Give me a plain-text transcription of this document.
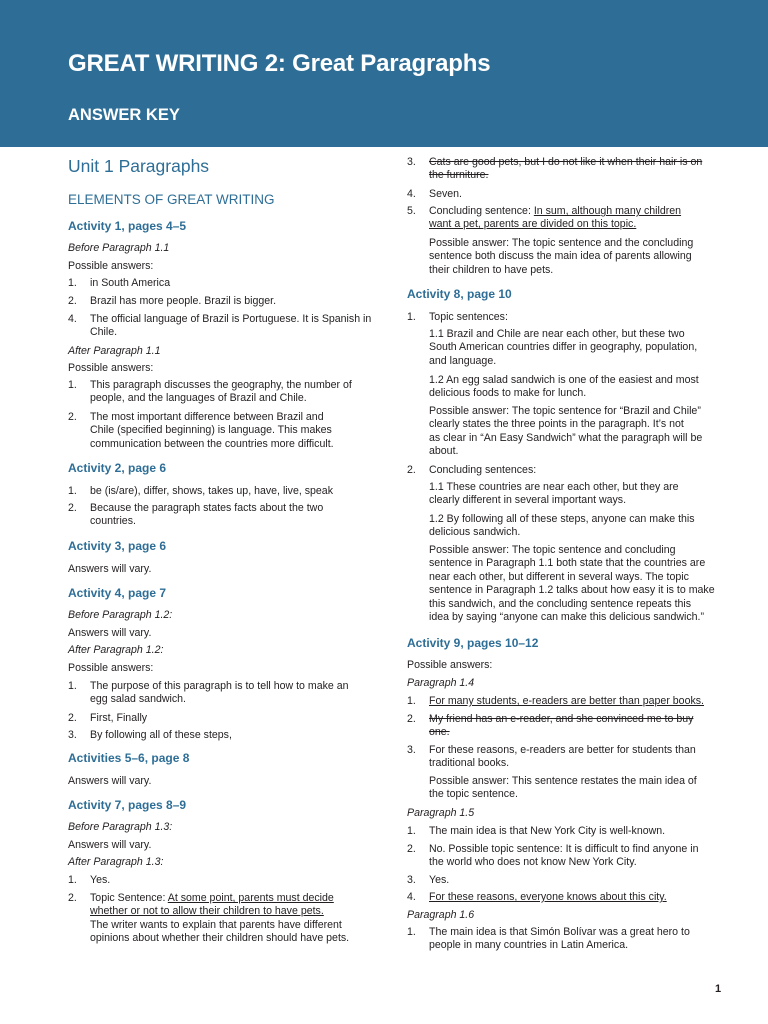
GREAT WRITING 2: Great Paragraphs
ANSWER KEY
Unit 1 Paragraphs
ELEMENTS OF GREAT WRITING
Activity 1, pages 4–5
Before Paragraph 1.1
Possible answers:
1. in South America
2. Brazil has more people. Brazil is bigger.
4. The official language of Brazil is Portuguese. It is Spanish in
Chile.
After Paragraph 1.1
Possible answers:
1. This paragraph discusses the geography, the number of
people, and the languages of Brazil and Chile.
2. The most important difference between Brazil and
Chile (specified beginning) is language. This makes
communication between the countries more difficult.
Activity 2, page 6
1. be (is/are), differ, shows, takes up, have, live, speak
2. Because the paragraph states facts about the two
countries.
Activity 3, page 6
Answers will vary.
Activity 4, page 7
Before Paragraph 1.2:
Answers will vary.
After Paragraph 1.2:
Possible answers:
1. The purpose of this paragraph is to tell how to make an
egg salad sandwich.
2. First, Finally
3. By following all of these steps,
Activities 5–6, page 8
Answers will vary.
Activity 7, pages 8–9
Before Paragraph 1.3:
Answers will vary.
After Paragraph 1.3:
1. Yes.
2. Topic Sentence: At some point, parents must decide
whether or not to allow their children to have pets.
The writer wants to explain that parents have different
opinions about whether their children should have pets.
3. Cats are good pets, but I do not like it when their hair is on
the furniture.
4. Seven.
5. Concluding sentence: In sum, although many children
want a pet, parents are divided on this topic.
Possible answer: The topic sentence and the concluding
sentence both discuss the main idea of parents allowing
their children to have pets.
Activity 8, page 10
1. Topic sentences:
1.1 Brazil and Chile are near each other, but these two
South American countries differ in geography, population,
and language.
1.2 An egg salad sandwich is one of the easiest and most
delicious foods to make for lunch.
Possible answer: The topic sentence for “Brazil and Chile”
clearly states the three points in the paragraph. It’s not
as clear in “An Easy Sandwich” what the paragraph will be
about.
2. Concluding sentences:
1.1 These countries are near each other, but they are
clearly different in several important ways.
1.2 By following all of these steps, anyone can make this
delicious sandwich.
Possible answer: The topic sentence and concluding
sentence in Paragraph 1.1 both state that the countries are
near each other, but different in several ways. The topic
sentence in Paragraph 1.2 talks about how easy it is to make
this sandwich, and the concluding sentence repeats this
idea by saying “anyone can make this delicious sandwich.”
Activity 9, pages 10–12
Possible answers:
Paragraph 1.4
1. For many students, e-readers are better than paper books.
2. My friend has an e-reader, and she convinced me to buy
one.
3. For these reasons, e-readers are better for students than
traditional books.
Possible answer: This sentence restates the main idea of
the topic sentence.
Paragraph 1.5
1. The main idea is that New York City is well-known.
2. No. Possible topic sentence: It is difficult to find anyone in
the world who does not know New York City.
3. Yes.
4. For these reasons, everyone knows about this city.
Paragraph 1.6
1. The main idea is that Simón Bolívar was a great hero to
people in many countries in Latin America.
1
